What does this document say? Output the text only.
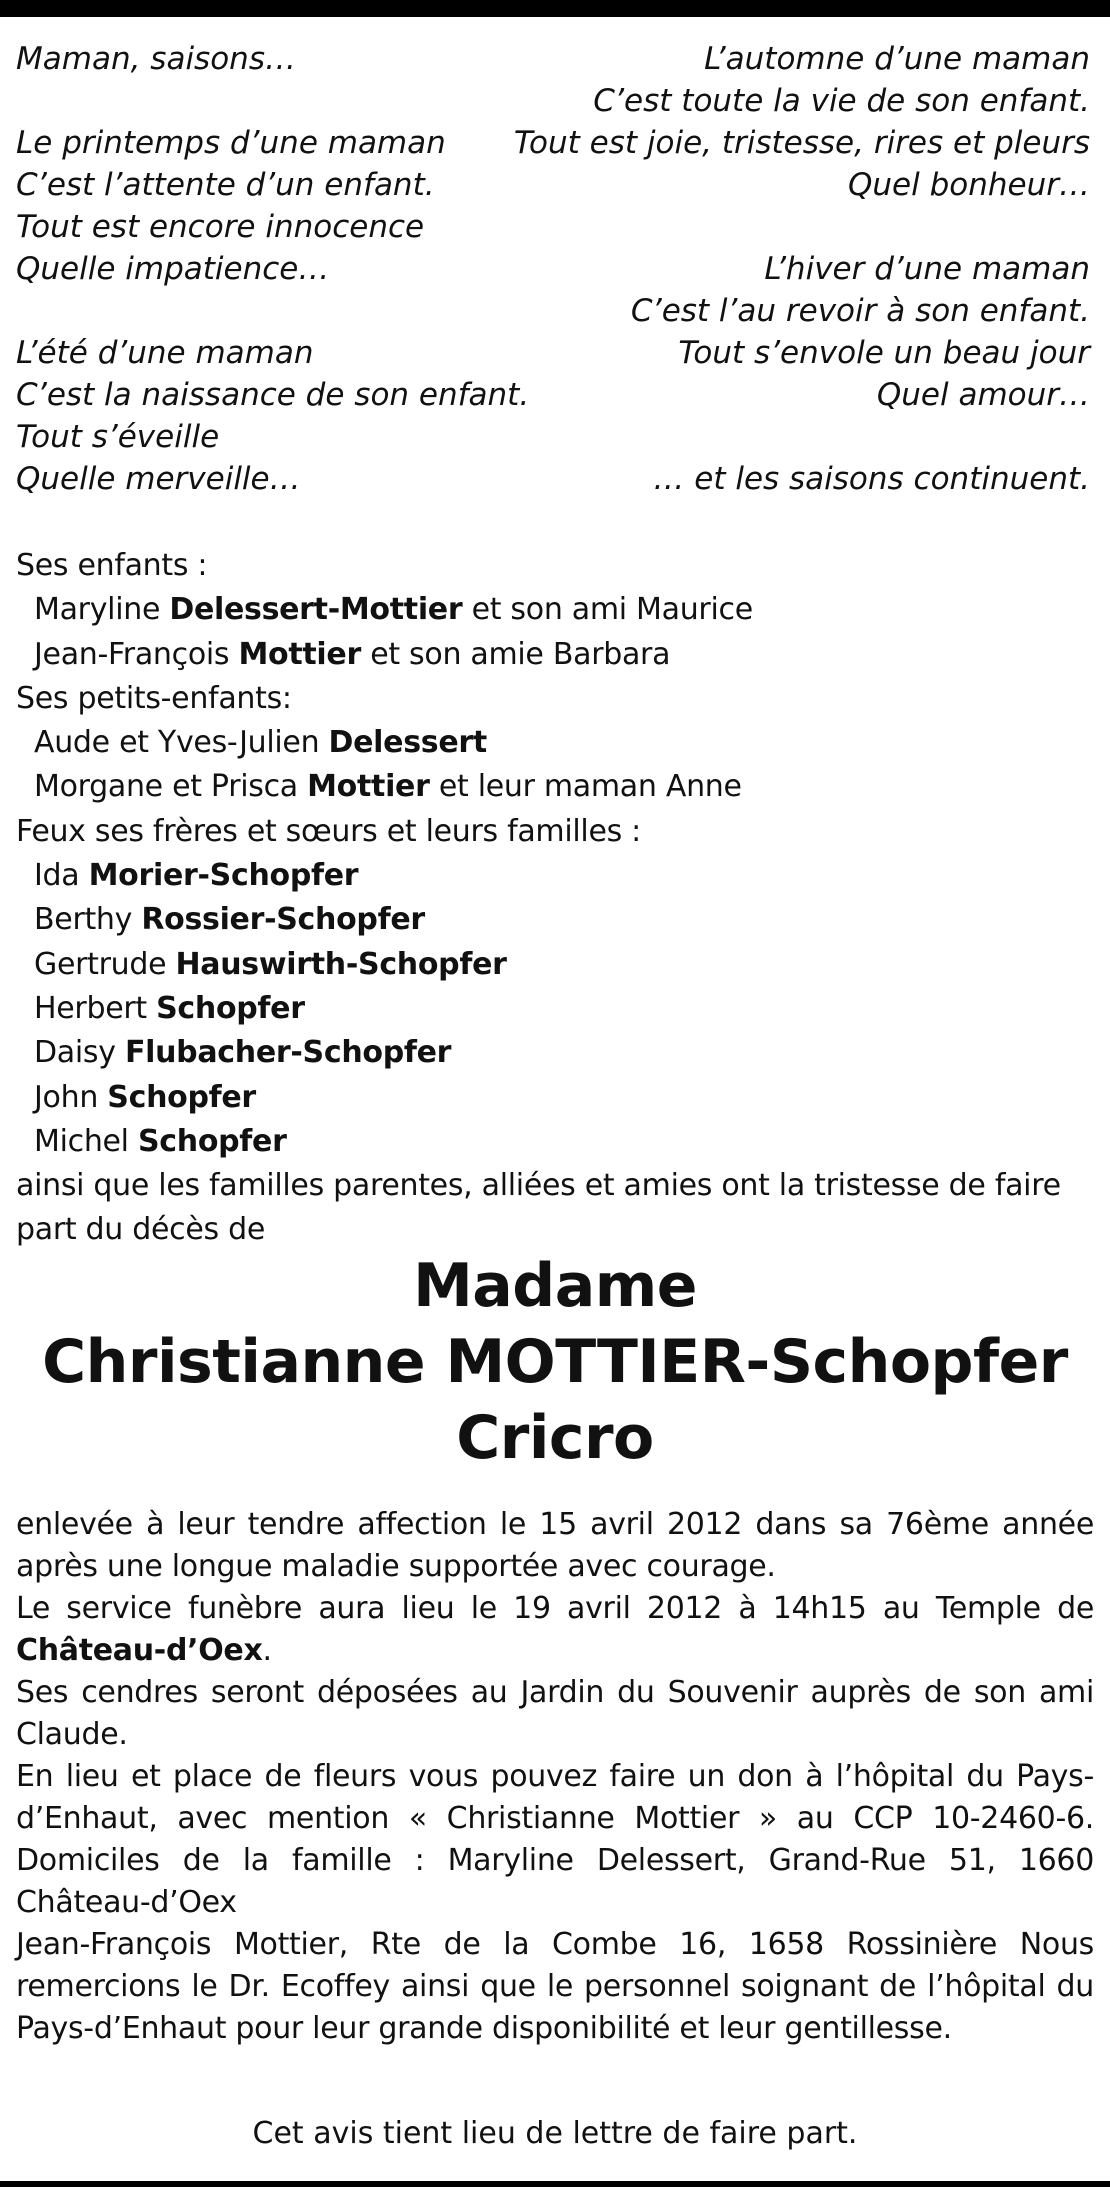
Maman, saisons…
Le printemps d’une maman
C’est l’attente d’un enfant.
Tout est encore innocence
Quelle impatience…
L’été d’une maman
C’est la naissance de son enfant.
Tout s’éveille
Quelle merveille…
L’automne d’une maman
C’est toute la vie de son enfant.
Tout est joie, tristesse, rires et pleurs
Quel bonheur…
L’hiver d’une maman
C’est l’au revoir à son enfant.
Tout s’envole un beau jour
Quel amour…
… et les saisons continuent.
Ses enfants :
Maryline Delessert-Mottier et son ami Maurice
Jean-François Mottier et son amie Barbara
Ses petits-enfants:
Aude et Yves-Julien Delessert
Morgane et Prisca Mottier et leur maman Anne
Feux ses frères et sœurs et leurs familles :
Ida Morier-Schopfer
Berthy Rossier-Schopfer
Gertrude Hauswirth-Schopfer
Herbert Schopfer
Daisy Flubacher-Schopfer
John Schopfer
Michel Schopfer
ainsi que les familles parentes, alliées et amies ont la tristesse de faire part du décès de
Madame
Christianne MOTTIER-Schopfer
Cricro

enlevée à leur tendre affection le 15 avril 2012 dans sa 76ème année après une longue maladie supportée avec courage.

Le service funèbre aura lieu le 19 avril 2012 à 14h15 au Temple de Château-d’Oex.

Ses cendres seront déposées au Jardin du Souvenir auprès de son ami Claude.

En lieu et place de fleurs vous pouvez faire un don à l’hôpital du Pays-d’Enhaut, avec mention « Christianne Mottier » au CCP 10-2460-6. Domiciles de la famille : Maryline Delessert, Grand-Rue 51, 1660 Château-d’Oex

Jean-François Mottier, Rte de la Combe 16, 1658 Rossinière Nous remercions le Dr. Ecoffey ainsi que le personnel soignant de l’hôpital du Pays-d’Enhaut pour leur grande disponibilité et leur gentillesse.

Cet avis tient lieu de lettre de faire part.
